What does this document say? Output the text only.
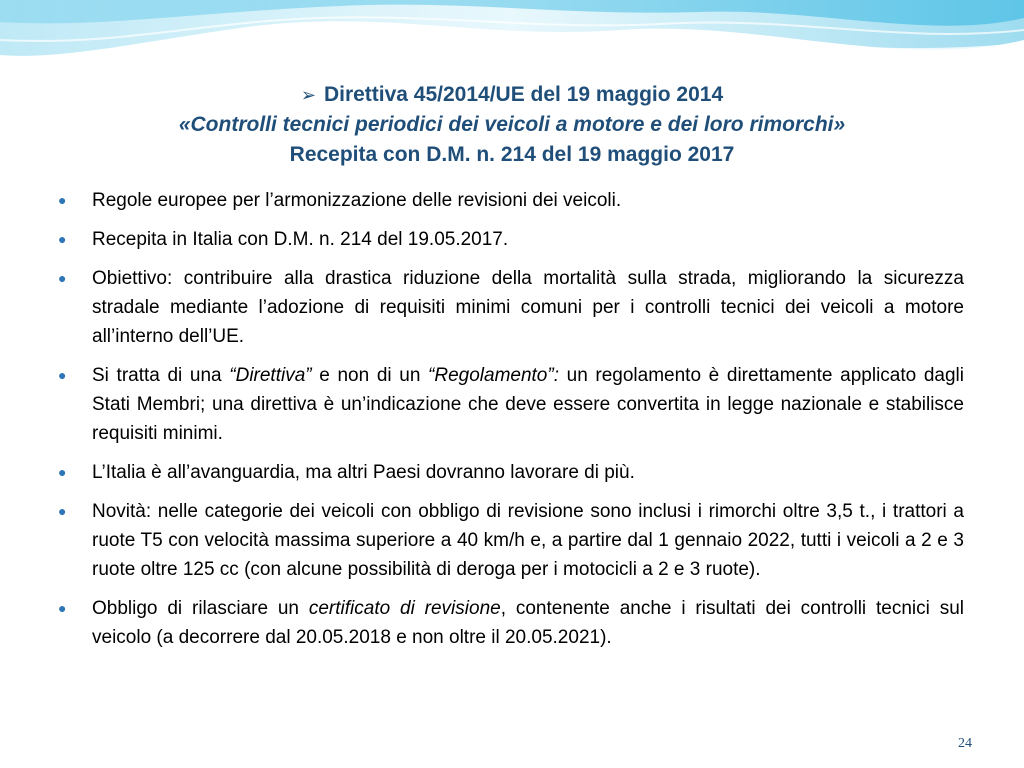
➢ Direttiva 45/2014/UE del 19 maggio 2014
«Controlli tecnici periodici dei veicoli a motore e dei loro rimorchi»
Recepita con D.M. n. 214 del 19 maggio 2017
● Regole europee per l’armonizzazione delle revisioni dei veicoli.
● Recepita in Italia con D.M. n. 214 del 19.05.2017.
● Obiettivo: contribuire alla drastica riduzione della mortalità sulla strada, migliorando la sicurezza stradale mediante l’adozione di requisiti minimi comuni per i controlli tecnici dei veicoli a motore all’interno dell’UE.
● Si tratta di una “Direttiva” e non di un “Regolamento”: un regolamento è direttamente applicato dagli Stati Membri; una direttiva è un’indicazione che deve essere convertita in legge nazionale e stabilisce requisiti minimi.
● L’Italia è all’avanguardia, ma altri Paesi dovranno lavorare di più.
● Novità: nelle categorie dei veicoli con obbligo di revisione sono inclusi i rimorchi oltre 3,5 t., i trattori a ruote T5 con velocità massima superiore a 40 km/h e, a partire dal 1 gennaio 2022, tutti i veicoli a 2 e 3 ruote oltre 125 cc (con alcune possibilità di deroga per i motocicli a 2 e 3 ruote).
● Obbligo di rilasciare un certificato di revisione, contenente anche i risultati dei controlli tecnici sul veicolo (a decorrere dal 20.05.2018 e non oltre il 20.05.2021).
24
